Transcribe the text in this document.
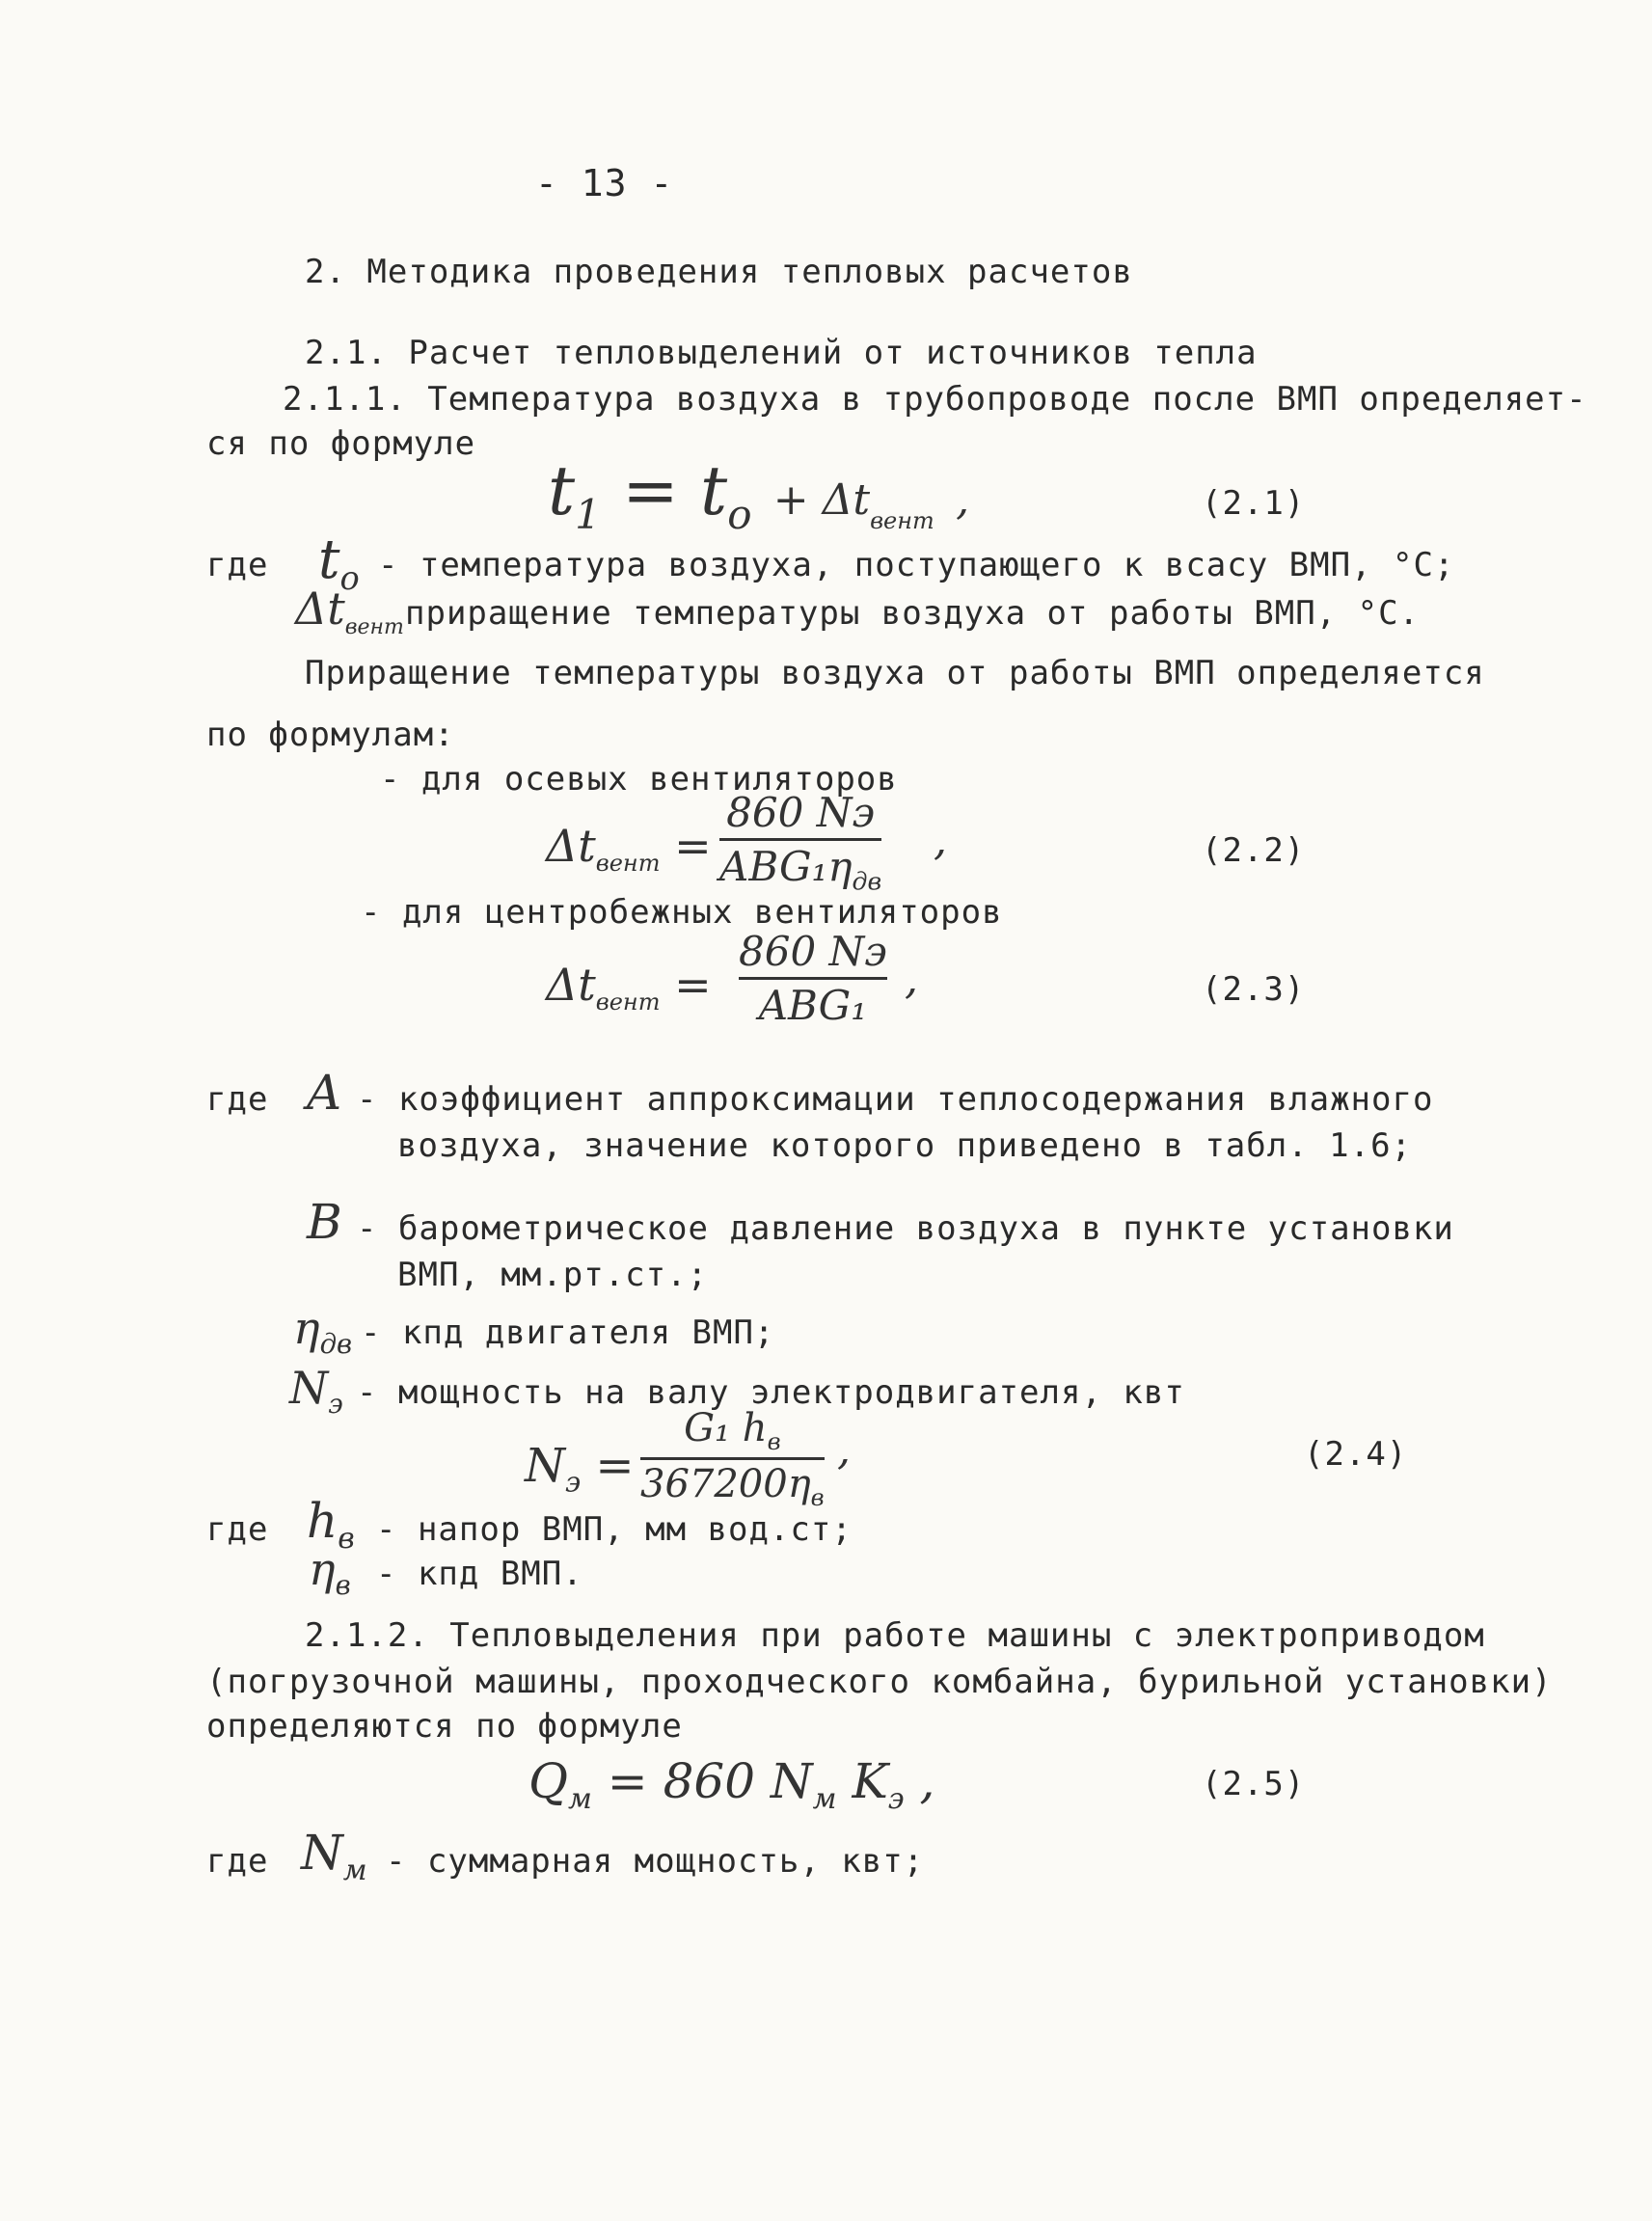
- 13 -
2. Методика проведения тепловых расчетов
2.1. Расчет тепловыделений от источников тепла
2.1.1. Температура воздуха в трубопроводе после ВМП определяет-
ся по формуле
$t_1 = t_o + \Delta t_{вент}$ ,	(2.1)
где $t_o$ - температура воздуха, поступающего к всасу ВМП, °С;
$\Delta t_{вент}$ приращение температуры воздуха от работы ВМП, °С.
Приращение температуры воздуха от работы ВМП определяется
по формулам:
- для осевых вентиляторов
$\Delta t_{вент}$ =
860 Nэ
$ABG_1\eta_{дв}$
,	(2.2)
- для центробежных вентиляторов
$\Delta t_{вент}$ =
860 Nэ
ABG₁
,	(2.3)
где A - коэффициент аппроксимации теплосодержания влажного
воздуха, значение которого приведено в табл. 1.6;
B - барометрическое давление воздуха в пункте установки
ВМП, мм.рт.ст.;
$\eta_{дв}$ - кпд двигателя ВМП;
$N_э$ - мощность на валу электродвигателя, квт
$N_э$ =
G₁ $h_в$
$367200\eta_в$
,	(2.4)
где $h_в$ - напор ВМП, мм вод.ст;
$\eta_в$ - кпд ВМП.
2.1.2. Тепловыделения при работе машины с электроприводом
(погрузочной машины, проходческого комбайна, бурильной установки)
определяются по формуле
$Q_м = 860$ $N_м$ $K_э$ ,	(2.5)
где $N_м$ - суммарная мощность, квт;
